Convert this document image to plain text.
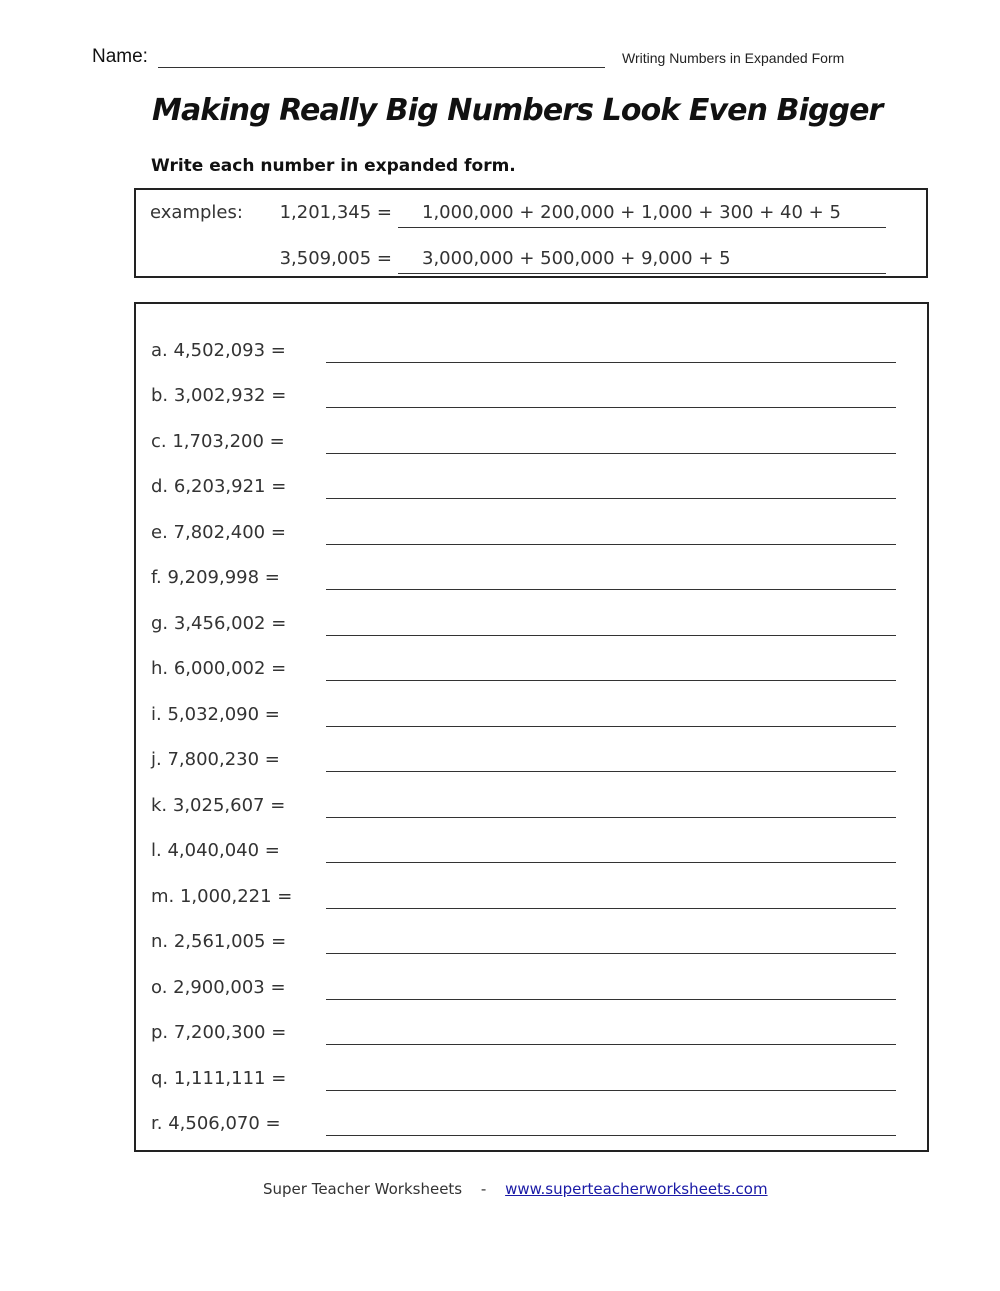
Name:	Writing Numbers in Expanded Form
Making Really Big Numbers Look Even Bigger
Write each number in expanded form.
examples:	1,201,345 =	1,000,000 + 200,000 + 1,000 + 300 + 40 + 5
3,509,005 =	3,000,000 + 500,000 + 9,000 + 5
a. 4,502,093 =
b. 3,002,932 =
c. 1,703,200 =
d. 6,203,921 =
e. 7,802,400 =
f. 9,209,998 =
g. 3,456,002 =
h. 6,000,002 =
i. 5,032,090 =
j. 7,800,230 =
k. 3,025,607 =
l. 4,040,040 =
m. 1,000,221 =
n. 2,561,005 =
o. 2,900,003 =
p. 7,200,300 =
q. 1,111,111 =
r. 4,506,070 =
Super Teacher Worksheets - www.superteacherworksheets.com
